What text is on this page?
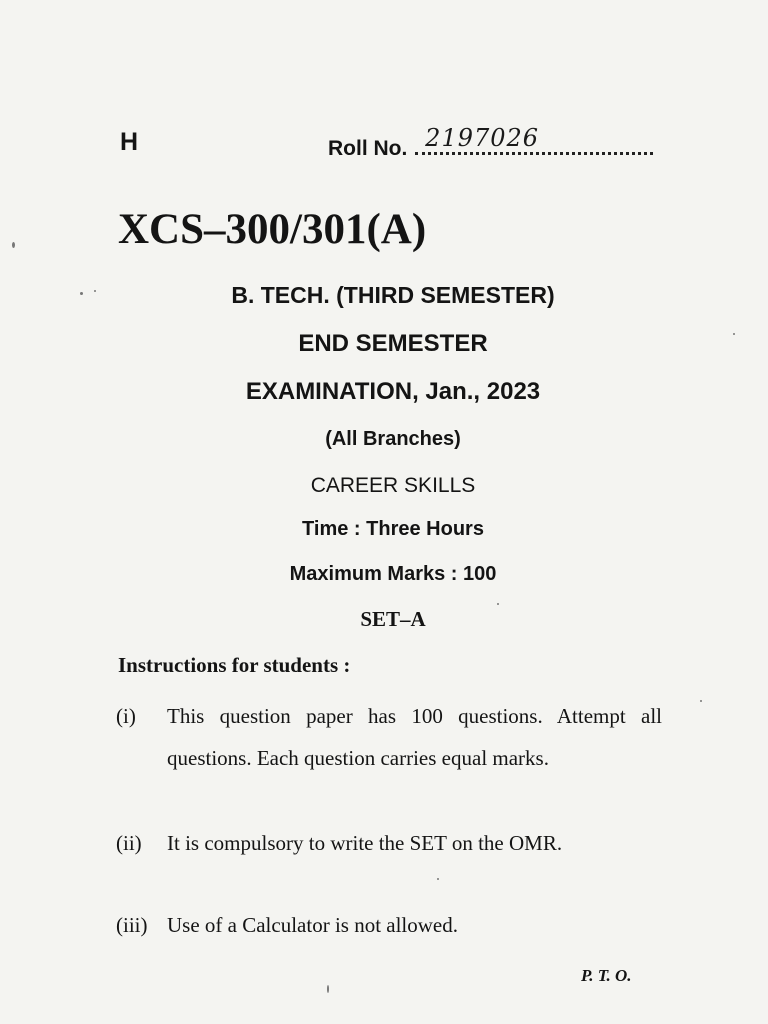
H	Roll No. 2197026
XCS–300/301(A)
B. TECH. (THIRD SEMESTER)
END SEMESTER
EXAMINATION, Jan., 2023
(All Branches)
CAREER SKILLS
Time : Three Hours
Maximum Marks : 100
SET–A
Instructions for students :
(i) This question paper has 100 questions. Attempt all questions. Each question carries equal marks.
(ii) It is compulsory to write the SET on the OMR.
(iii) Use of a Calculator is not allowed.
P. T. O.
